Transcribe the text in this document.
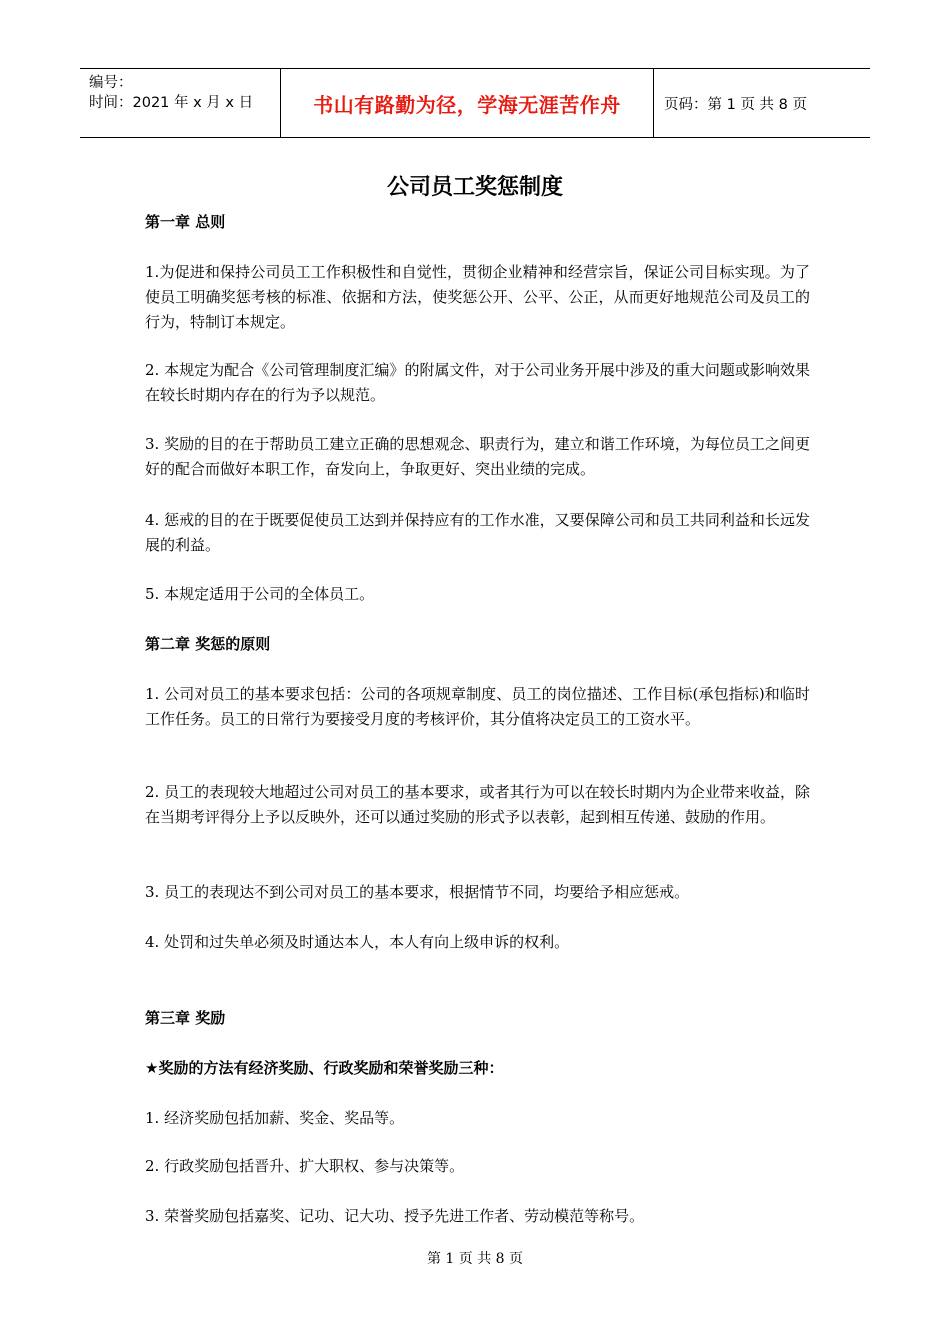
编号：
时间：2021 年 x 月 x 日	书山有路勤为径，学海无涯苦作舟	页码：第 1 页 共 8 页
公司员工奖惩制度
第一章 总则
1.为促进和保持公司员工工作积极性和自觉性，贯彻企业精神和经营宗旨，保证公司目标实现。为了使员工明确奖惩考核的标准、依据和方法，使奖惩公开、公平、公正，从而更好地规范公司及员工的行为，特制订本规定。
2. 本规定为配合《公司管理制度汇编》的附属文件，对于公司业务开展中涉及的重大问题或影响效果在较长时期内存在的行为予以规范。
3. 奖励的目的在于帮助员工建立正确的思想观念、职责行为，建立和谐工作环境，为每位员工之间更好的配合而做好本职工作，奋发向上，争取更好、突出业绩的完成。
4. 惩戒的目的在于既要促使员工达到并保持应有的工作水准，又要保障公司和员工共同利益和长远发展的利益。
5. 本规定适用于公司的全体员工。
第二章 奖惩的原则
1. 公司对员工的基本要求包括：公司的各项规章制度、员工的岗位描述、工作目标(承包指标)和临时工作任务。员工的日常行为要接受月度的考核评价，其分值将决定员工的工资水平。
2. 员工的表现较大地超过公司对员工的基本要求，或者其行为可以在较长时期内为企业带来收益，除在当期考评得分上予以反映外，还可以通过奖励的形式予以表彰，起到相互传递、鼓励的作用。
3. 员工的表现达不到公司对员工的基本要求，根据情节不同，均要给予相应惩戒。
4. 处罚和过失单必须及时通达本人，本人有向上级申诉的权利。
第三章 奖励
★奖励的方法有经济奖励、行政奖励和荣誉奖励三种：
1. 经济奖励包括加薪、奖金、奖品等。
2. 行政奖励包括晋升、扩大职权、参与决策等。
3. 荣誉奖励包括嘉奖、记功、记大功、授予先进工作者、劳动模范等称号。
第 1 页 共 8 页
